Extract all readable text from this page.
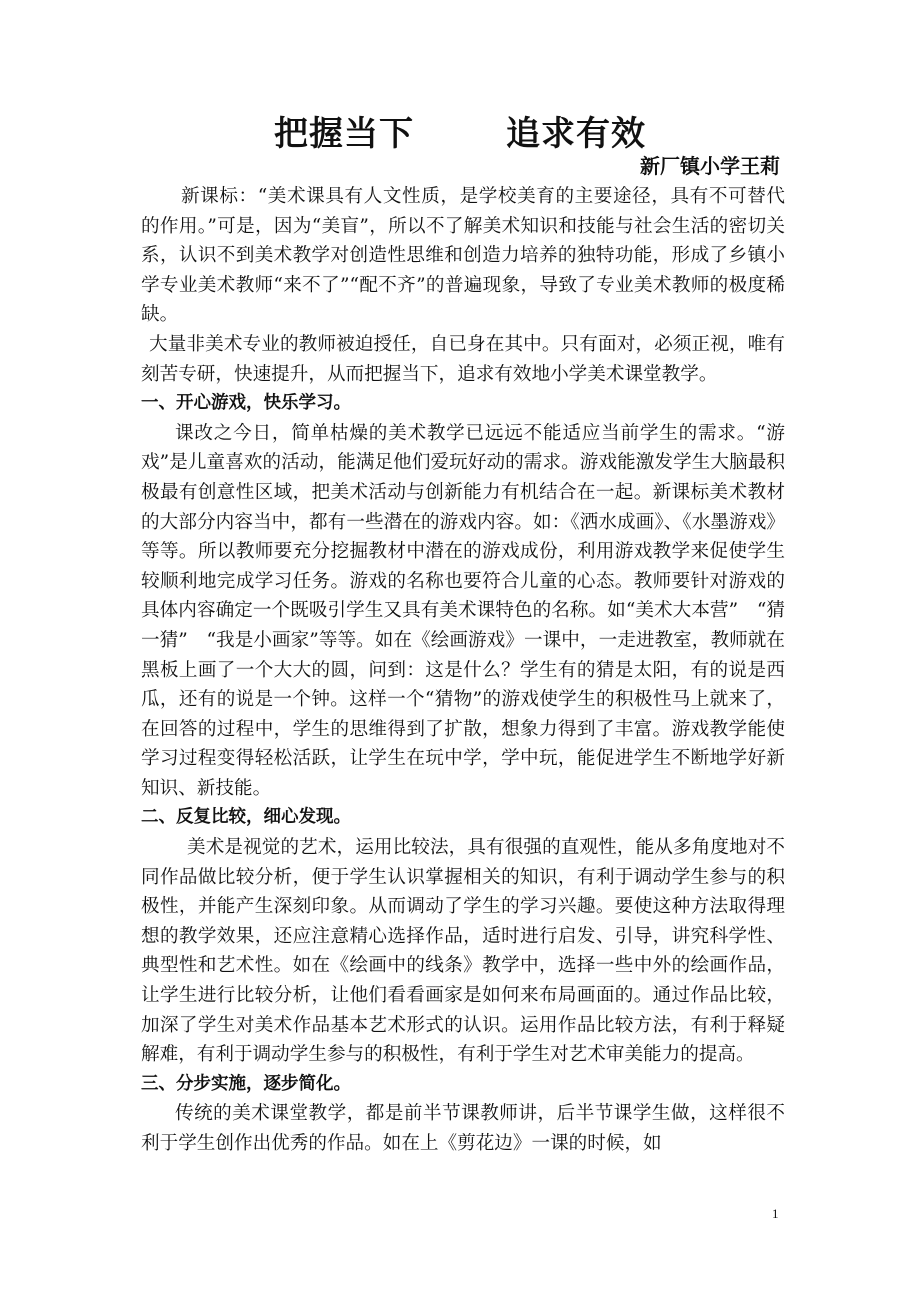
把握当下	追求有效

新厂镇小学王莉

新课标：“美术课具有人文性质，是学校美育的主要途径，具有不可替代的作用。”可是，因为“美盲”，所以不了解美术知识和技能与社会生活的密切关系，认识不到美术教学对创造性思维和创造力培养的独特功能，形成了乡镇小学专业美术教师“来不了”“配不齐”的普遍现象，导致了专业美术教师的极度稀缺。

大量非美术专业的教师被迫授任，自已身在其中。只有面对，必须正视，唯有刻苦专研，快速提升，从而把握当下，追求有效地小学美术课堂教学。

一、开心游戏，快乐学习。

课改之今日，简单枯燥的美术教学已远远不能适应当前学生的需求。“游戏”是儿童喜欢的活动，能满足他们爱玩好动的需求。游戏能激发学生大脑最积极最有创意性区域，把美术活动与创新能力有机结合在一起。新课标美术教材的大部分内容当中，都有一些潜在的游戏内容。如：《洒水成画》、《水墨游戏》等等。所以教师要充分挖掘教材中潜在的游戏成份，利用游戏教学来促使学生较顺利地完成学习任务。游戏的名称也要符合儿童的心态。教师要针对游戏的具体内容确定一个既吸引学生又具有美术课特色的名称。如“美术大本营”　“猜一猜”　“我是小画家”等等。如在《绘画游戏》一课中，一走进教室，教师就在黑板上画了一个大大的圆，问到：这是什么？学生有的猜是太阳，有的说是西瓜，还有的说是一个钟。这样一个“猜物”的游戏使学生的积极性马上就来了，在回答的过程中，学生的思维得到了扩散，想象力得到了丰富。游戏教学能使学习过程变得轻松活跃，让学生在玩中学，学中玩，能促进学生不断地学好新知识、新技能。

二、反复比较，细心发现。

美术是视觉的艺术，运用比较法，具有很强的直观性，能从多角度地对不同作品做比较分析，便于学生认识掌握相关的知识，有利于调动学生参与的积极性，并能产生深刻印象。从而调动了学生的学习兴趣。要使这种方法取得理想的教学效果，还应注意精心选择作品，适时进行启发、引导，讲究科学性、典型性和艺术性。如在《绘画中的线条》教学中，选择一些中外的绘画作品，让学生进行比较分析，让他们看看画家是如何来布局画面的。通过作品比较，加深了学生对美术作品基本艺术形式的认识。运用作品比较方法，有利于释疑解难，有利于调动学生参与的积极性，有利于学生对艺术审美能力的提高。

三、分步实施，逐步简化。

传统的美术课堂教学，都是前半节课教师讲，后半节课学生做，这样很不利于学生创作出优秀的作品。如在上《剪花边》一课的时候，如

1
